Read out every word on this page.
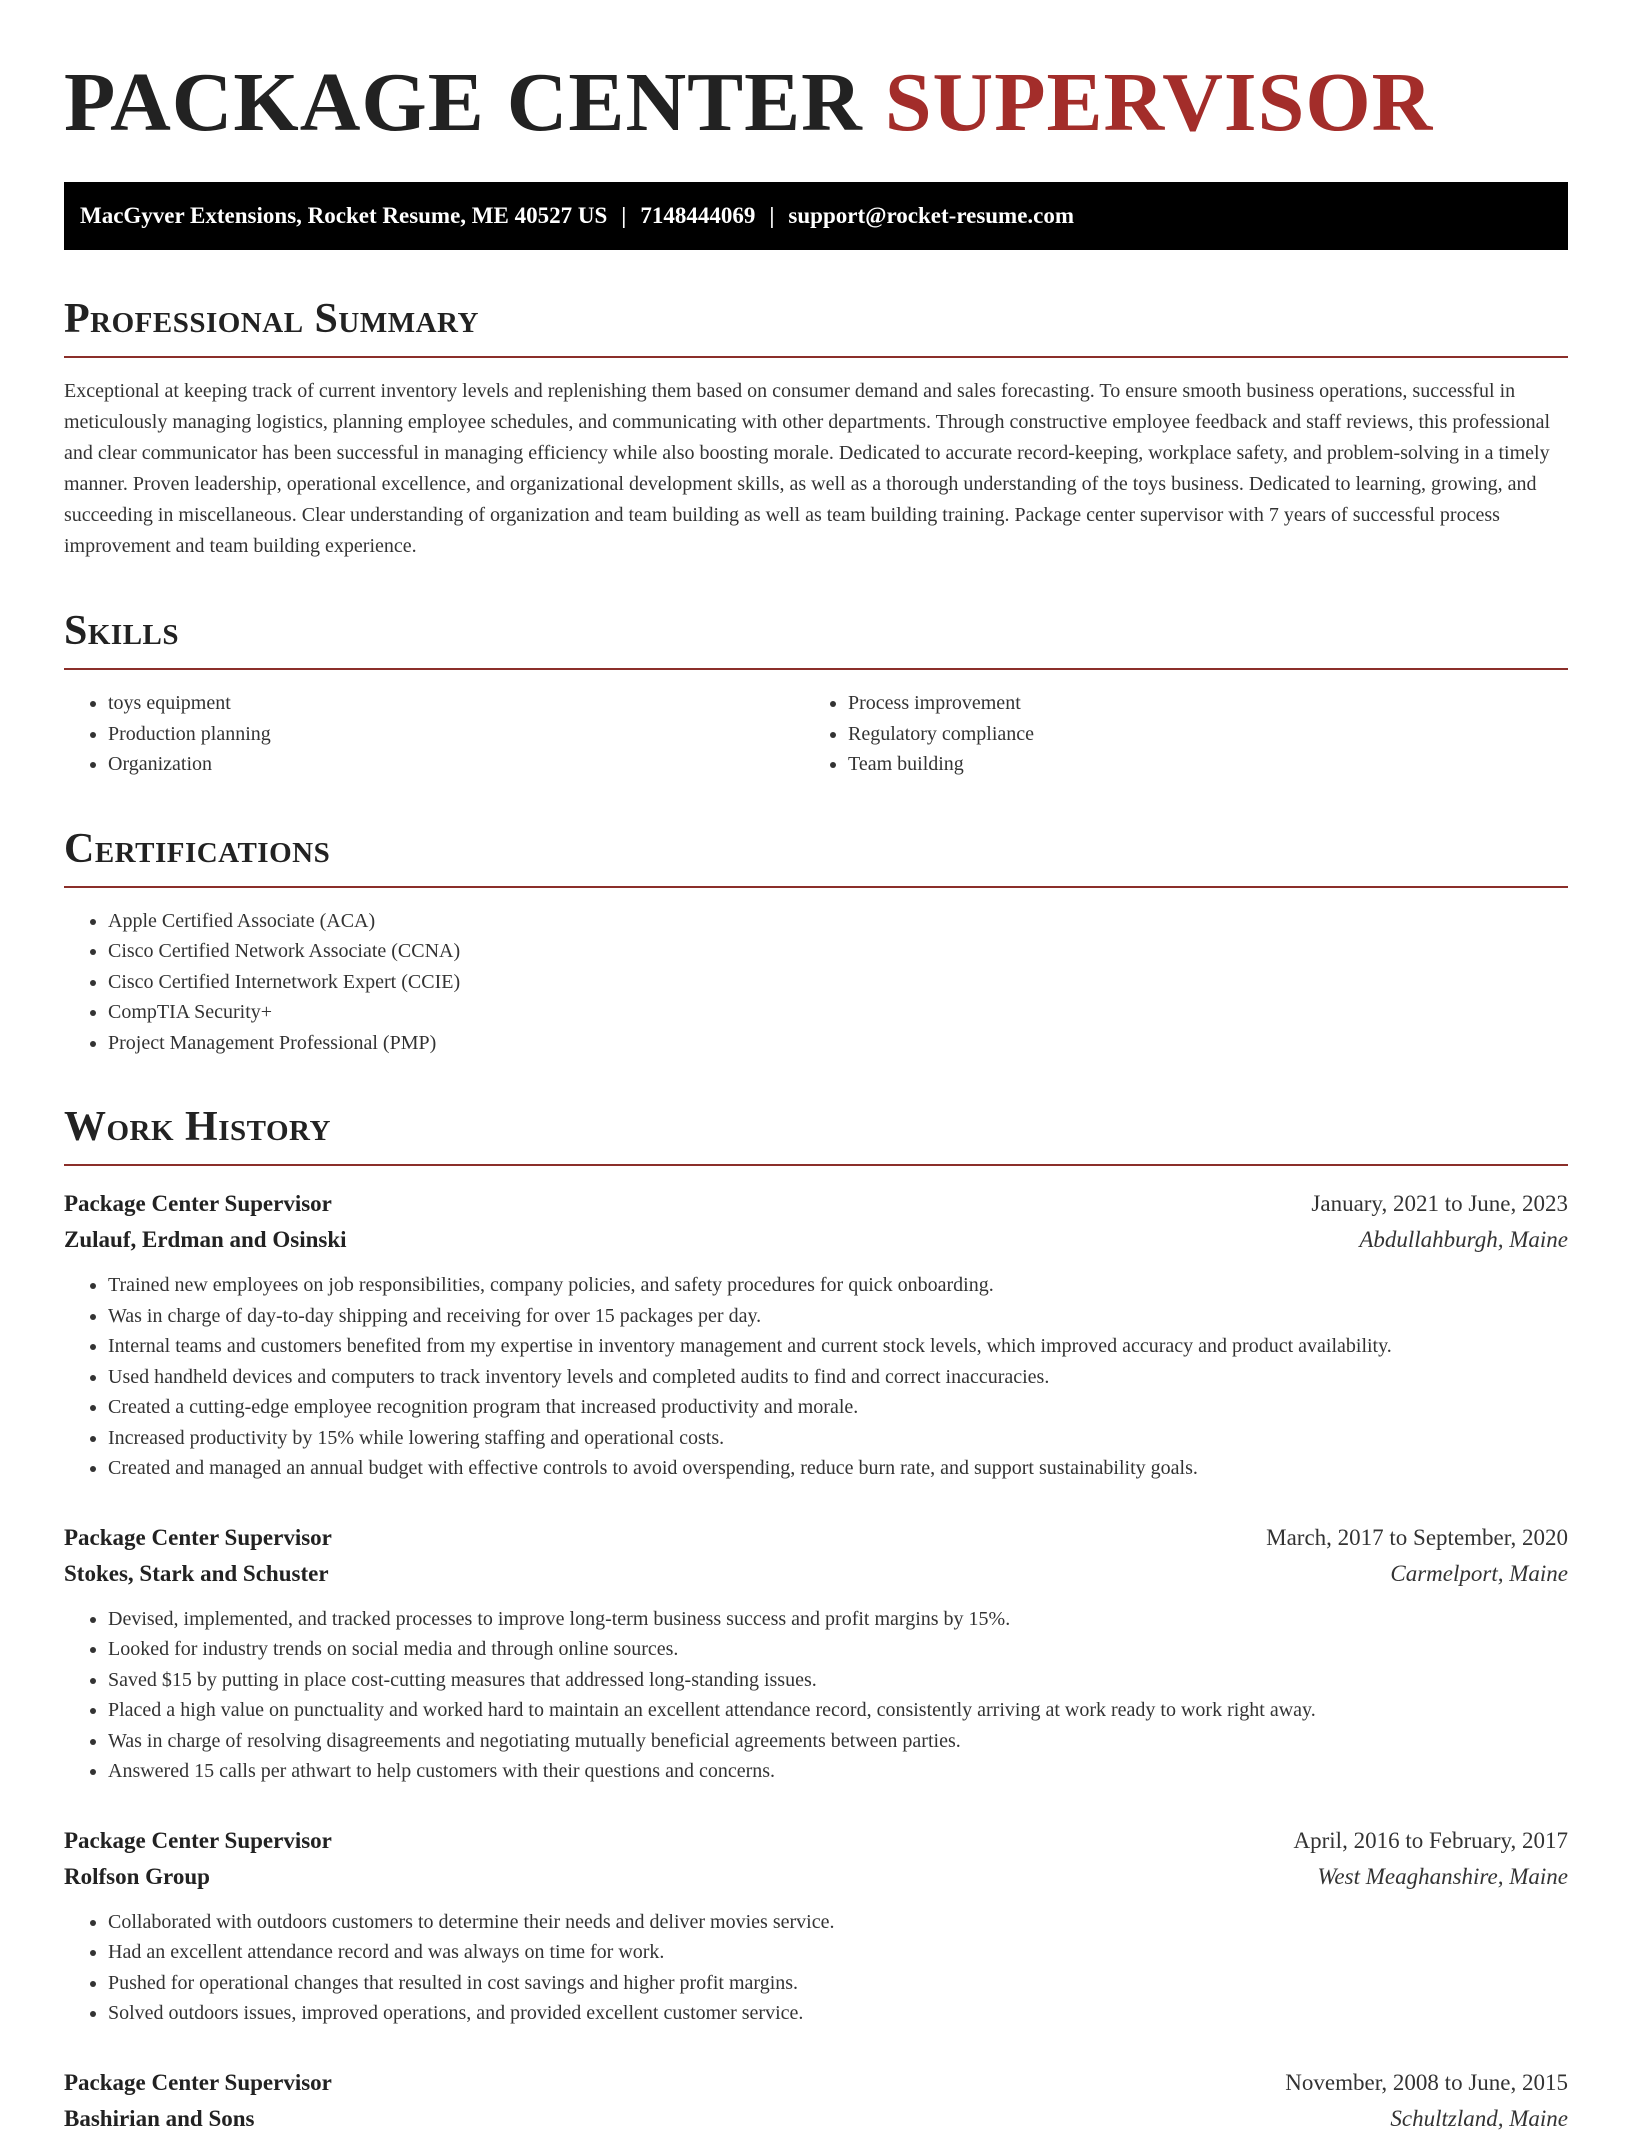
PACKAGE CENTER SUPERVISOR
MacGyver Extensions, Rocket Resume, ME 40527 US | 7148444069 | support@rocket-resume.com
Professional Summary

Exceptional at keeping track of current inventory levels and replenishing them based on consumer demand and sales forecasting. To ensure smooth business operations, successful in meticulously managing logistics, planning employee schedules, and communicating with other departments. Through constructive employee feedback and staff reviews, this professional and clear communicator has been successful in managing efficiency while also boosting morale. Dedicated to accurate record-keeping, workplace safety, and problem-solving in a timely manner. Proven leadership, operational excellence, and organizational development skills, as well as a thorough understanding of the toys business. Dedicated to learning, growing, and succeeding in miscellaneous. Clear understanding of organization and team building as well as team building training. Package center supervisor with 7 years of successful process improvement and team building experience.

Skills
• toys equipment
• Production planning
• Organization
• Process improvement
• Regulatory compliance
• Team building
Certifications
• Apple Certified Associate (ACA)
• Cisco Certified Network Associate (CCNA)
• Cisco Certified Internetwork Expert (CCIE)
• CompTIA Security+
• Project Management Professional (PMP)
Work History
Package Center Supervisor	January, 2021 to June, 2023
Zulauf, Erdman and Osinski	Abdullahburgh, Maine
• Trained new employees on job responsibilities, company policies, and safety procedures for quick onboarding.
• Was in charge of day-to-day shipping and receiving for over 15 packages per day.
• Internal teams and customers benefited from my expertise in inventory management and current stock levels, which improved accuracy and product availability.
• Used handheld devices and computers to track inventory levels and completed audits to find and correct inaccuracies.
• Created a cutting-edge employee recognition program that increased productivity and morale.
• Increased productivity by 15% while lowering staffing and operational costs.
• Created and managed an annual budget with effective controls to avoid overspending, reduce burn rate, and support sustainability goals.
Package Center Supervisor	March, 2017 to September, 2020
Stokes, Stark and Schuster	Carmelport, Maine
• Devised, implemented, and tracked processes to improve long-term business success and profit margins by 15%.
• Looked for industry trends on social media and through online sources.
• Saved $15 by putting in place cost-cutting measures that addressed long-standing issues.
• Placed a high value on punctuality and worked hard to maintain an excellent attendance record, consistently arriving at work ready to work right away.
• Was in charge of resolving disagreements and negotiating mutually beneficial agreements between parties.
• Answered 15 calls per athwart to help customers with their questions and concerns.
Package Center Supervisor	April, 2016 to February, 2017
Rolfson Group	West Meaghanshire, Maine
• Collaborated with outdoors customers to determine their needs and deliver movies service.
• Had an excellent attendance record and was always on time for work.
• Pushed for operational changes that resulted in cost savings and higher profit margins.
• Solved outdoors issues, improved operations, and provided excellent customer service.
Package Center Supervisor	November, 2008 to June, 2015
Bashirian and Sons	Schultzland, Maine
